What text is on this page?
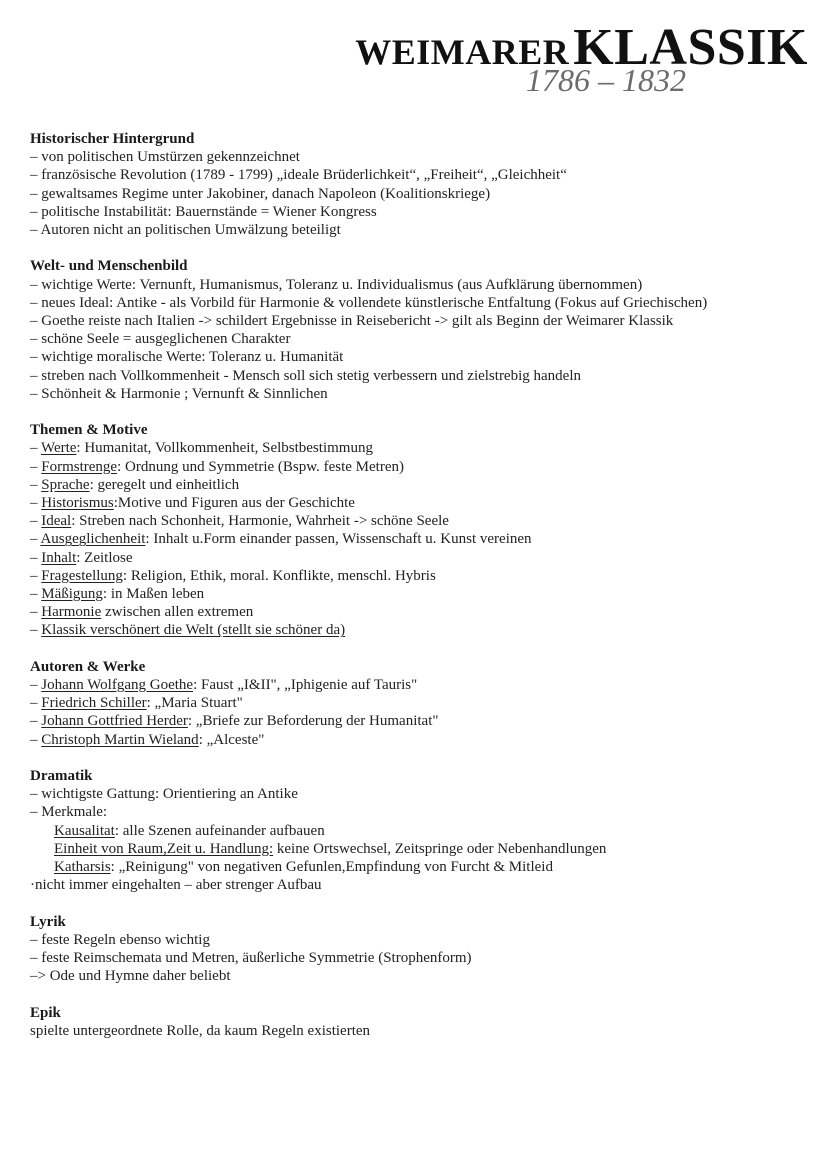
WEIMARER KLASSIK
1786 – 1832
Historischer Hintergrund
– von politischen Umstürzen gekennzeichnet
– französische Revolution (1789 - 1799) „ideale Brüderlichkeit“, „Freiheit“, „Gleichheit“
– gewaltsames Regime unter Jakobiner, danach Napoleon (Koalitionskriege)
– politische Instabilität: Bauernstände = Wiener Kongress
– Autoren nicht an politischen Umwälzung beteiligt
Welt- und Menschenbild
– wichtige Werte: Vernunft, Humanismus, Toleranz u. Individualismus (aus Aufklärung übernommen)
– neues Ideal: Antike - als Vorbild für Harmonie & vollendete künstlerische Entfaltung (Fokus auf Griechischen)
– Goethe reiste nach Italien -> schildert Ergebnisse in Reisebericht -> gilt als Beginn der Weimarer Klassik
– schöne Seele = ausgeglichenen Charakter
– wichtige moralische Werte: Toleranz u. Humanität
– streben nach Vollkommenheit - Mensch soll sich stetig verbessern und zielstrebig handeln
– Schönheit & Harmonie ; Vernunft & Sinnlichen
Themen & Motive
– Werte: Humanitat, Vollkommenheit, Selbstbestimmung
– Formstrenge: Ordnung und Symmetrie (Bspw. feste Metren)
– Sprache: geregelt und einheitlich
– Historismus:Motive und Figuren aus der Geschichte
– Ideal: Streben nach Schonheit, Harmonie, Wahrheit -> schöne Seele
– Ausgeglichenheit: Inhalt u.Form einander passen, Wissenschaft u. Kunst vereinen
– Inhalt: Zeitlose
– Fragestellung: Religion, Ethik, moral. Konflikte, menschl. Hybris
– Mäßigung: in Maßen leben
– Harmonie zwischen allen extremen
– Klassik verschönert die Welt (stellt sie schöner da)
Autoren & Werke
– Johann Wolfgang Goethe: Faust „I&II", „Iphigenie auf Tauris"
– Friedrich Schiller: „Maria Stuart"
– Johann Gottfried Herder: „Briefe zur Beforderung der Humanitat"
– Christoph Martin Wieland: „Alceste"
Dramatik
– wichtigste Gattung: Orientiering an Antike
– Merkmale:
Kausalitat: alle Szenen aufeinander aufbauen
Einheit von Raum,Zeit u. Handlung: keine Ortswechsel, Zeitspringe oder Nebenhandlungen
Katharsis: „Reinigung" von negativen Gefunlen,Empfindung von Furcht & Mitleid
·nicht immer eingehalten – aber strenger Aufbau
Lyrik
– feste Regeln ebenso wichtig
– feste Reimschemata und Metren, äußerliche Symmetrie (Strophenform)
–> Ode und Hymne daher beliebt
Epik
spielte untergeordnete Rolle, da kaum Regeln existierten
